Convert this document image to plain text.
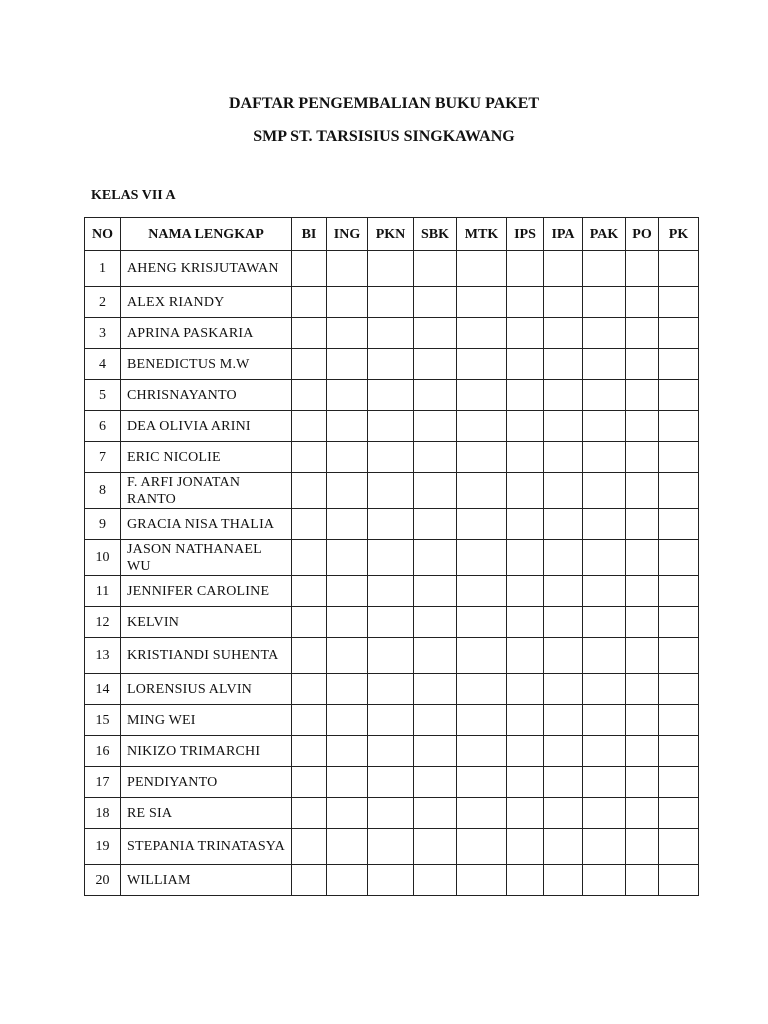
DAFTAR PENGEMBALIAN BUKU PAKET
SMP ST. TARSISIUS SINGKAWANG

KELAS VII A

NO	NAMA LENGKAP	BI	ING	PKN	SBK	MTK	IPS	IPA	PAK	PO	PK
1	AHENG KRISJUTAWAN										
2	ALEX RIANDY										
3	APRINA PASKARIA										
4	BENEDICTUS M.W										
5	CHRISNAYANTO										
6	DEA OLIVIA ARINI										
7	ERIC NICOLIE										
8	F. ARFI JONATAN RANTO										
9	GRACIA NISA THALIA										
10	JASON NATHANAEL WU										
11	JENNIFER CAROLINE										
12	KELVIN										
13	KRISTIANDI SUHENTA										
14	LORENSIUS ALVIN										
15	MING WEI										
16	NIKIZO TRIMARCHI										
17	PENDIYANTO										
18	RE SIA										
19	STEPANIA TRINATASYA										
20	WILLIAM										
